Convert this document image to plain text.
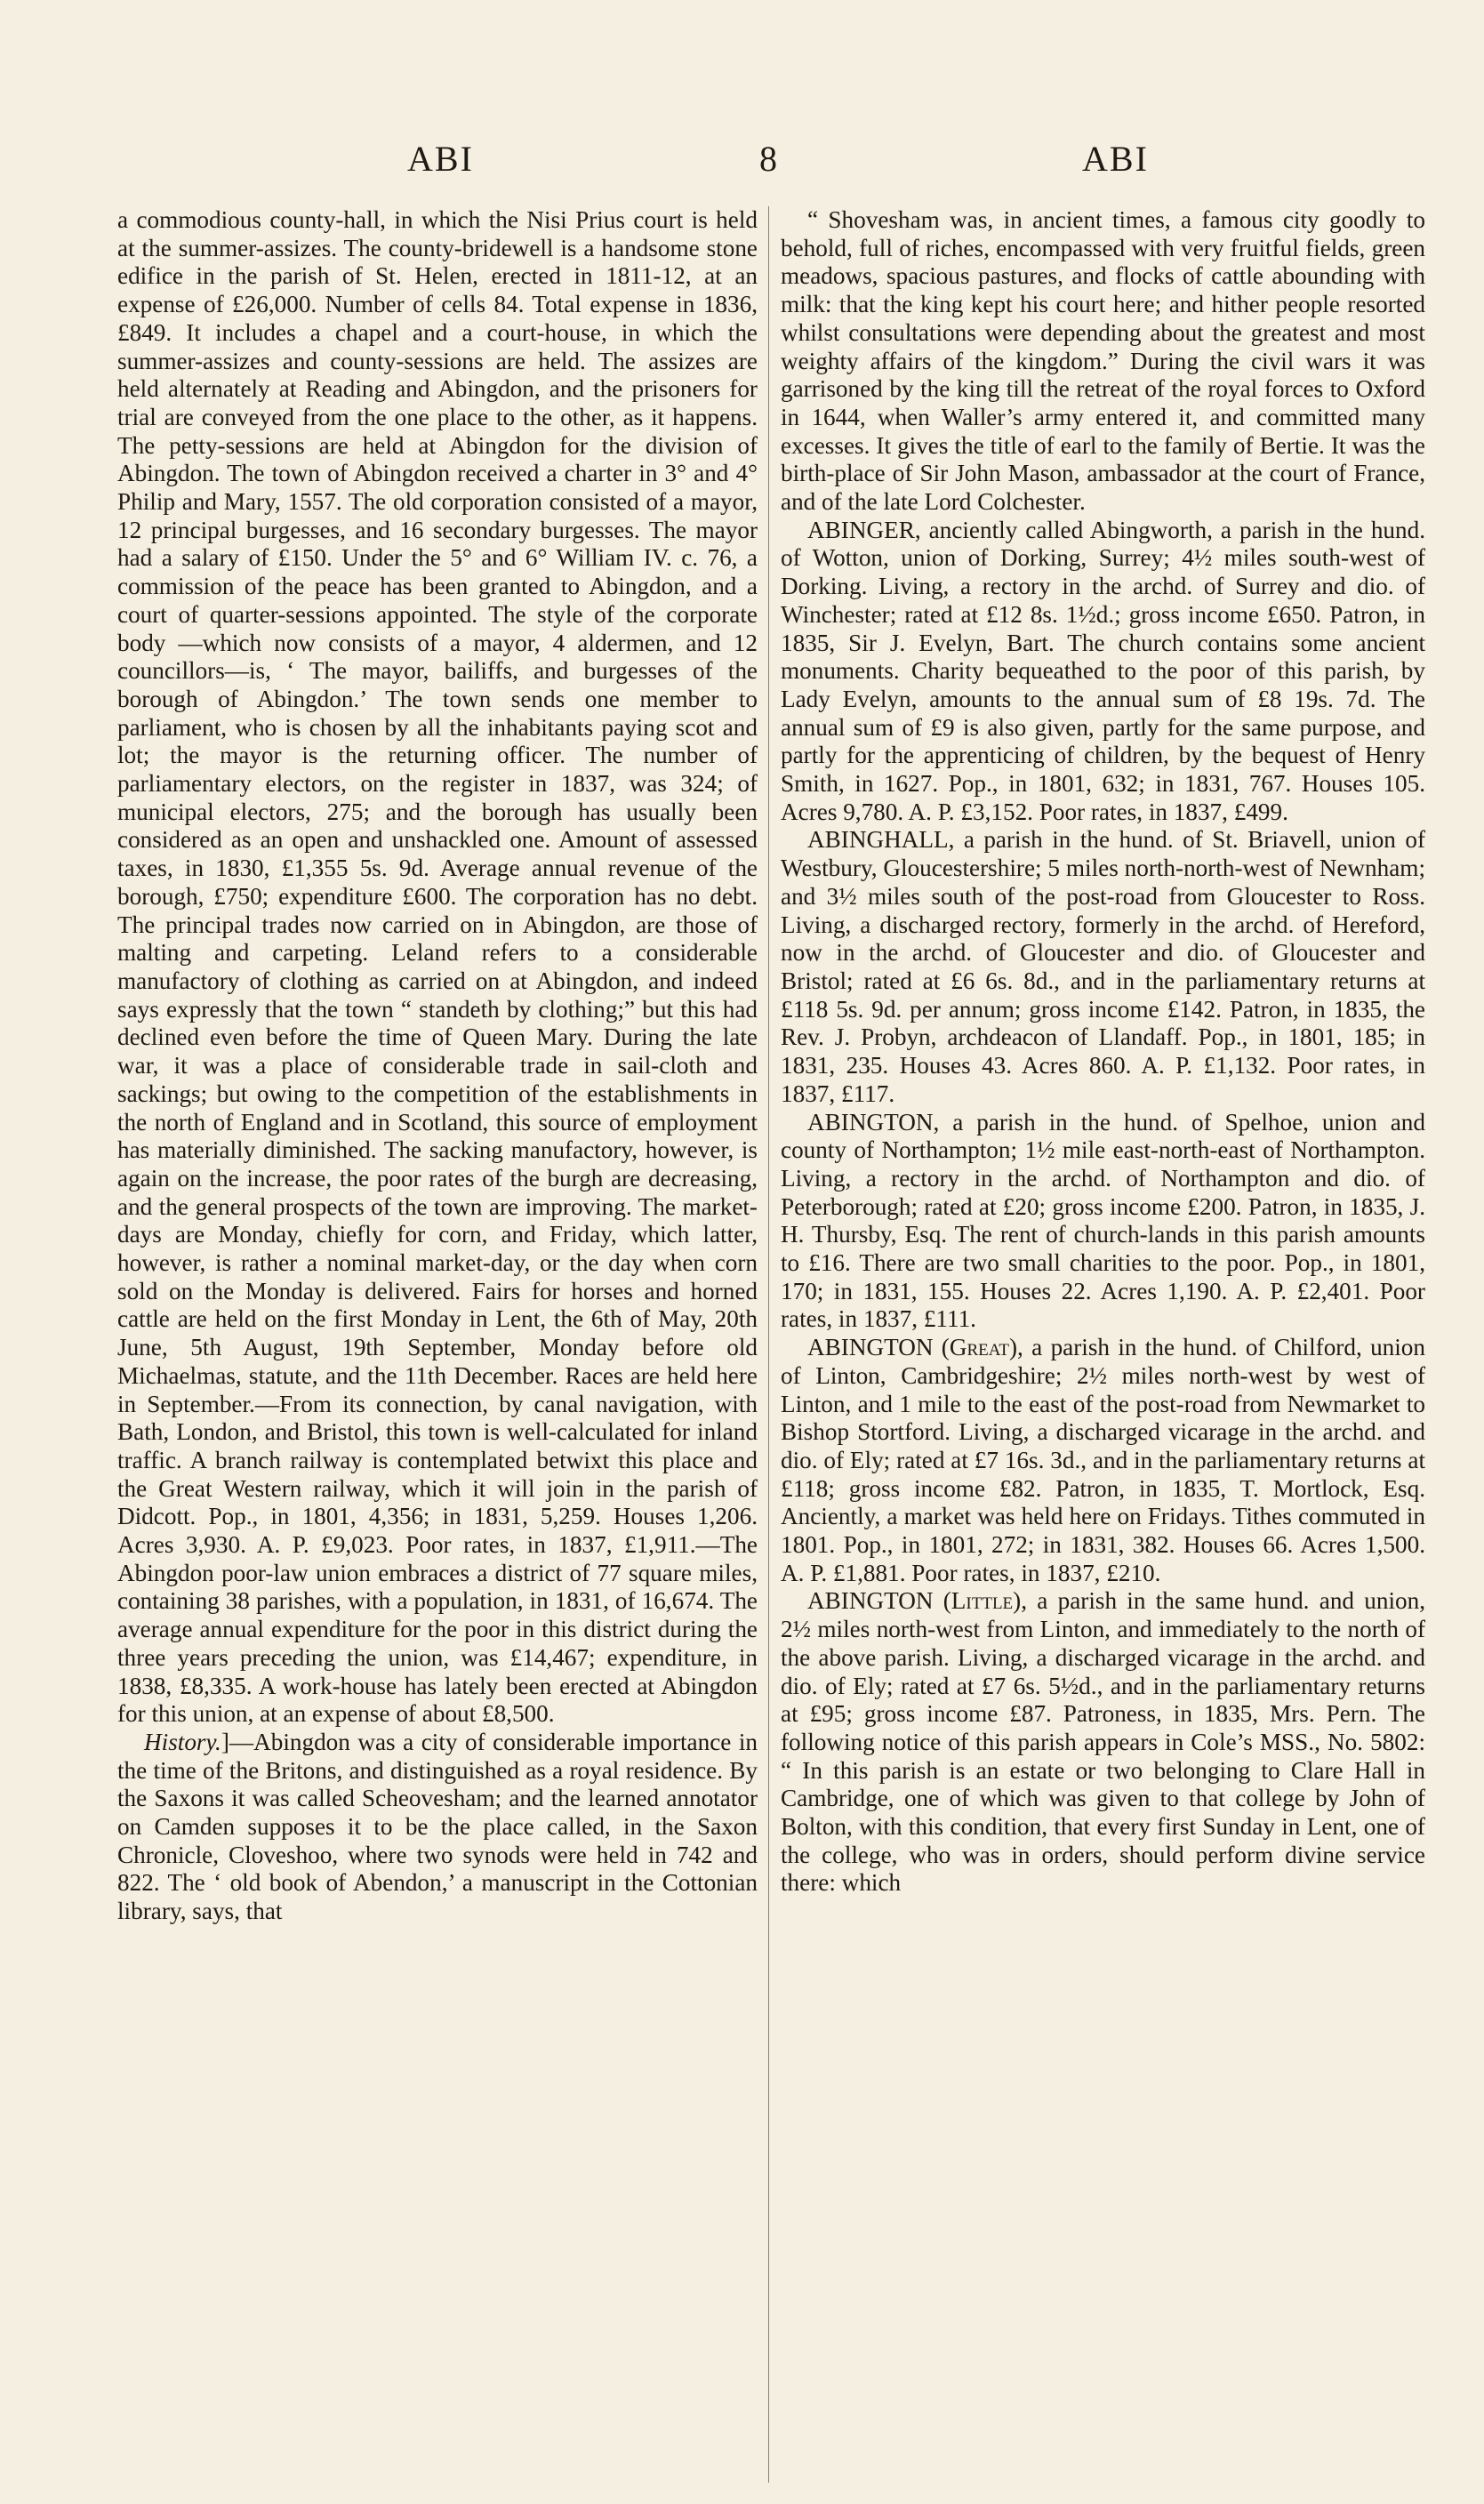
ABI	8	ABI

a commodious county-hall, in which the Nisi Prius court is held at the summer-assizes. The county-bridewell is a handsome stone edifice in the parish of St. Helen, erected in 1811-12, at an expense of £26,000. Number of cells 84. Total expense in 1836, £849. It includes a chapel and a court-house, in which the summer-assizes and county-sessions are held. The assizes are held alternately at Reading and Abingdon, and the prisoners for trial are conveyed from the one place to the other, as it happens. The petty-sessions are held at Abingdon for the division of Abingdon. The town of Abingdon received a charter in 3° and 4° Philip and Mary, 1557. The old corporation consisted of a mayor, 12 principal burgesses, and 16 secondary burgesses. The mayor had a salary of £150. Under the 5° and 6° William IV. c. 76, a commission of the peace has been granted to Abingdon, and a court of quarter-sessions appointed. The style of the corporate body —which now consists of a mayor, 4 aldermen, and 12 councillors—is, ‘ The mayor, bailiffs, and burgesses of the borough of Abingdon.’ The town sends one member to parliament, who is chosen by all the inhabitants paying scot and lot; the mayor is the returning officer. The number of parliamentary electors, on the register in 1837, was 324; of municipal electors, 275; and the borough has usually been considered as an open and unshackled one. Amount of assessed taxes, in 1830, £1,355 5s. 9d. Average annual revenue of the borough, £750; expenditure £600. The corporation has no debt. The principal trades now carried on in Abingdon, are those of malting and carpeting. Leland refers to a considerable manufactory of clothing as carried on at Abingdon, and indeed says expressly that the town “ standeth by clothing;” but this had declined even before the time of Queen Mary. During the late war, it was a place of considerable trade in sail-cloth and sackings; but owing to the competition of the establishments in the north of England and in Scotland, this source of employment has materially diminished. The sacking manufactory, however, is again on the increase, the poor rates of the burgh are decreasing, and the general prospects of the town are improving. The market-days are Monday, chiefly for corn, and Friday, which latter, however, is rather a nominal market-day, or the day when corn sold on the Monday is delivered. Fairs for horses and horned cattle are held on the first Monday in Lent, the 6th of May, 20th June, 5th August, 19th September, Monday before old Michaelmas, statute, and the 11th December. Races are held here in September.—From its connection, by canal navigation, with Bath, London, and Bristol, this town is well-calculated for inland traffic. A branch railway is contemplated betwixt this place and the Great Western railway, which it will join in the parish of Didcott. Pop., in 1801, 4,356; in 1831, 5,259. Houses 1,206. Acres 3,930. A. P. £9,023. Poor rates, in 1837, £1,911.—The Abingdon poor-law union embraces a district of 77 square miles, containing 38 parishes, with a population, in 1831, of 16,674. The average annual expenditure for the poor in this district during the three years preceding the union, was £14,467; expenditure, in 1838, £8,335. A work-house has lately been erected at Abingdon for this union, at an expense of about £8,500.

History.]—Abingdon was a city of considerable importance in the time of the Britons, and distinguished as a royal residence. By the Saxons it was called Scheovesham; and the learned annotator on Camden supposes it to be the place called, in the Saxon Chronicle, Cloveshoo, where two synods were held in 742 and 822. The ‘ old book of Abendon,’ a manuscript in the Cottonian library, says, that

“ Shovesham was, in ancient times, a famous city goodly to behold, full of riches, encompassed with very fruitful fields, green meadows, spacious pastures, and flocks of cattle abounding with milk: that the king kept his court here; and hither people resorted whilst consultations were depending about the greatest and most weighty affairs of the kingdom.” During the civil wars it was garrisoned by the king till the retreat of the royal forces to Oxford in 1644, when Waller’s army entered it, and committed many excesses. It gives the title of earl to the family of Bertie. It was the birth-place of Sir John Mason, ambassador at the court of France, and of the late Lord Colchester.

ABINGER, anciently called Abingworth, a parish in the hund. of Wotton, union of Dorking, Surrey; 4½ miles south-west of Dorking. Living, a rectory in the archd. of Surrey and dio. of Winchester; rated at £12 8s. 1½d.; gross income £650. Patron, in 1835, Sir J. Evelyn, Bart. The church contains some ancient monuments. Charity bequeathed to the poor of this parish, by Lady Evelyn, amounts to the annual sum of £8 19s. 7d. The annual sum of £9 is also given, partly for the same purpose, and partly for the apprenticing of children, by the bequest of Henry Smith, in 1627. Pop., in 1801, 632; in 1831, 767. Houses 105. Acres 9,780. A. P. £3,152. Poor rates, in 1837, £499.

ABINGHALL, a parish in the hund. of St. Briavell, union of Westbury, Gloucestershire; 5 miles north-north-west of Newnham; and 3½ miles south of the post-road from Gloucester to Ross. Living, a discharged rectory, formerly in the archd. of Hereford, now in the archd. of Gloucester and dio. of Gloucester and Bristol; rated at £6 6s. 8d., and in the parliamentary returns at £118 5s. 9d. per annum; gross income £142. Patron, in 1835, the Rev. J. Probyn, archdeacon of Llandaff. Pop., in 1801, 185; in 1831, 235. Houses 43. Acres 860. A. P. £1,132. Poor rates, in 1837, £117.

ABINGTON, a parish in the hund. of Spelhoe, union and county of Northampton; 1½ mile east-north-east of Northampton. Living, a rectory in the archd. of Northampton and dio. of Peterborough; rated at £20; gross income £200. Patron, in 1835, J. H. Thursby, Esq. The rent of church-lands in this parish amounts to £16. There are two small charities to the poor. Pop., in 1801, 170; in 1831, 155. Houses 22. Acres 1,190. A. P. £2,401. Poor rates, in 1837, £111.

ABINGTON (Great), a parish in the hund. of Chilford, union of Linton, Cambridgeshire; 2½ miles north-west by west of Linton, and 1 mile to the east of the post-road from Newmarket to Bishop Stortford. Living, a discharged vicarage in the archd. and dio. of Ely; rated at £7 16s. 3d., and in the parliamentary returns at £118; gross income £82. Patron, in 1835, T. Mortlock, Esq. Anciently, a market was held here on Fridays. Tithes commuted in 1801. Pop., in 1801, 272; in 1831, 382. Houses 66. Acres 1,500. A. P. £1,881. Poor rates, in 1837, £210.

ABINGTON (Little), a parish in the same hund. and union, 2½ miles north-west from Linton, and immediately to the north of the above parish. Living, a discharged vicarage in the archd. and dio. of Ely; rated at £7 6s. 5½d., and in the parliamentary returns at £95; gross income £87. Patroness, in 1835, Mrs. Pern. The following notice of this parish appears in Cole’s MSS., No. 5802: “ In this parish is an estate or two belonging to Clare Hall in Cambridge, one of which was given to that college by John of Bolton, with this condition, that every first Sunday in Lent, one of the college, who was in orders, should perform divine service there: which
